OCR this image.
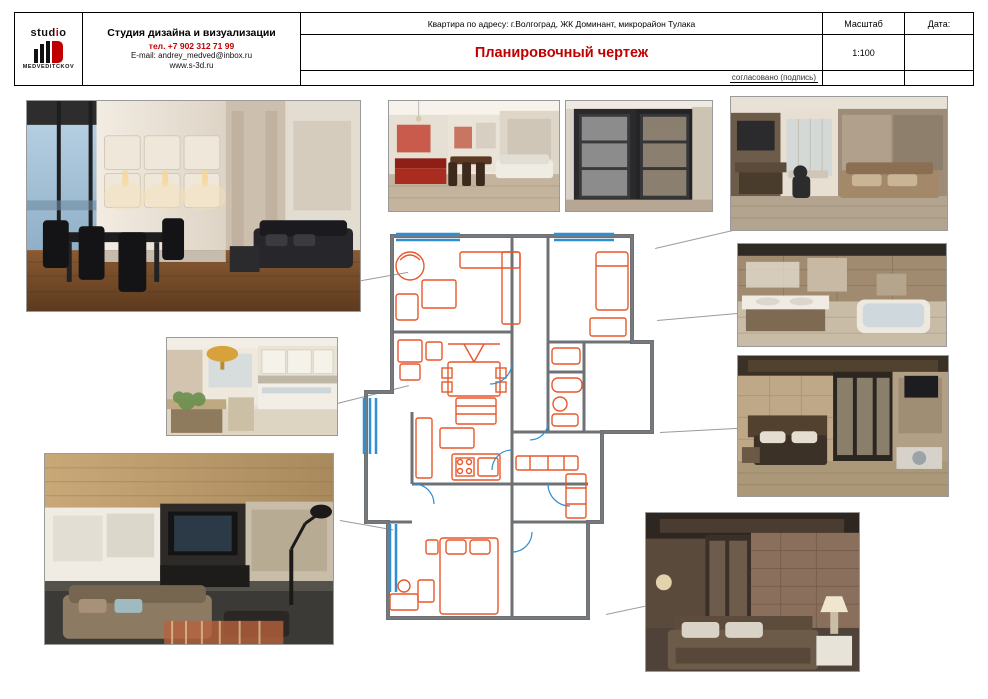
studio
MEDVEDITCKOV
Студия дизайна и визуализации
тел. +7 902 312 71 99
E-mail: andrey_medved@inbox.ru
www.s-3d.ru
Квартира по адресу: г.Волгоград, ЖК Доминант, микрорайон Тулака
Планировочный чертеж
согласовано (подпись)
Масштаб
1:100
Дата:
